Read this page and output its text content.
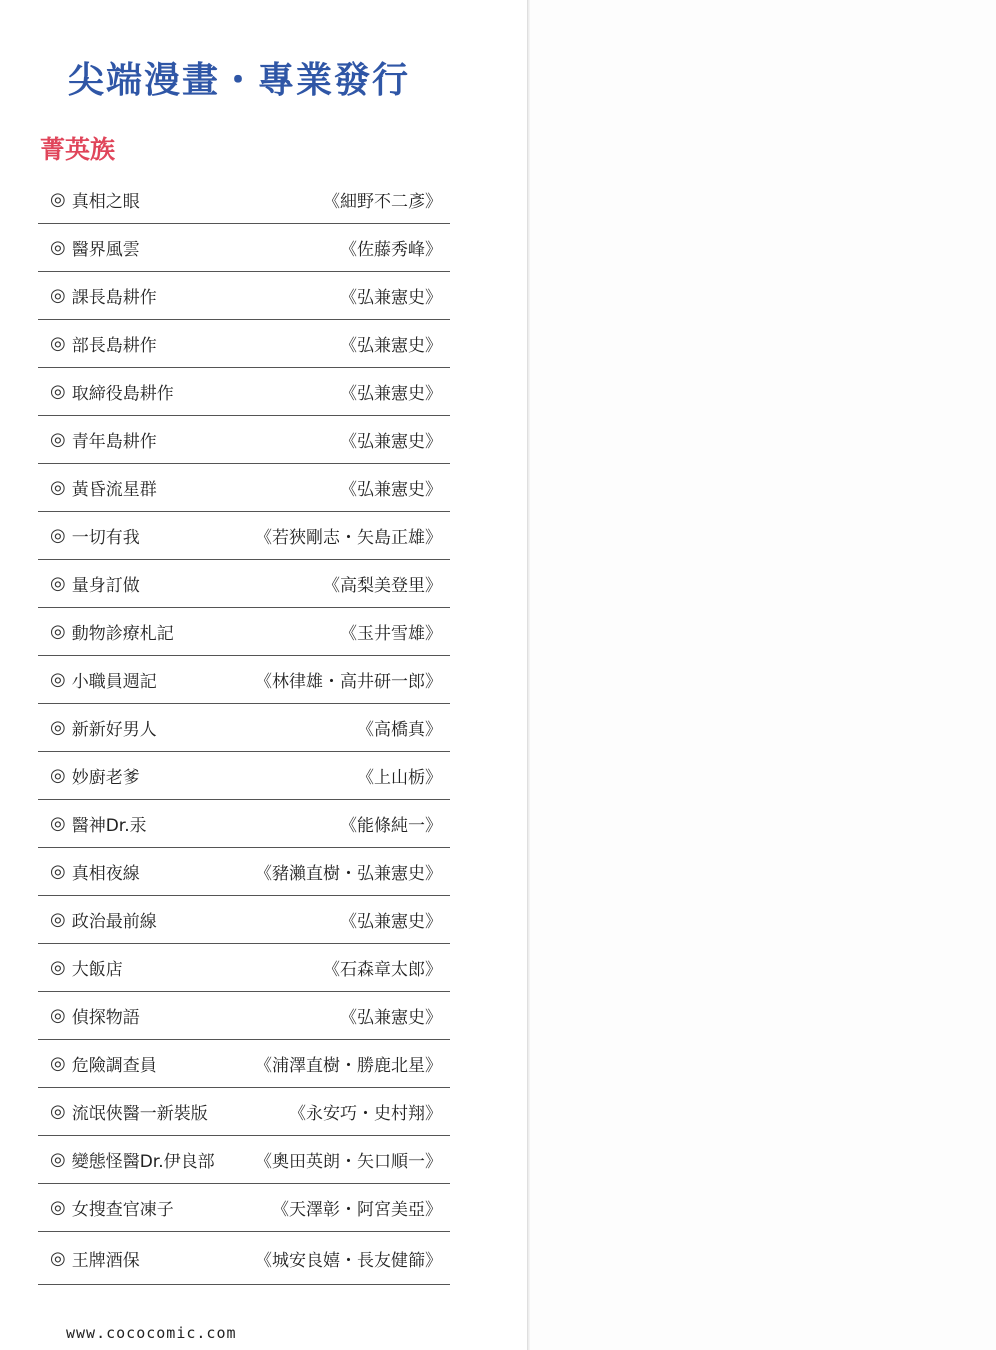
尖端漫畫・專業發行
菁英族
◎ 真相之眼	《細野不二彥》
◎ 醫界風雲	《佐藤秀峰》
◎ 課長島耕作	《弘兼憲史》
◎ 部長島耕作	《弘兼憲史》
◎ 取締役島耕作	《弘兼憲史》
◎ 青年島耕作	《弘兼憲史》
◎ 黃昏流星群	《弘兼憲史》
◎ 一切有我	《若狹剛志・矢島正雄》
◎ 量身訂做	《高梨美登里》
◎ 動物診療札記	《玉井雪雄》
◎ 小職員週記	《林律雄・高井研一郎》
◎ 新新好男人	《高橋真》
◎ 妙廚老爹	《上山栃》
◎ 醫神Dr.汞	《能條純一》
◎ 真相夜線	《豬瀨直樹・弘兼憲史》
◎ 政治最前線	《弘兼憲史》
◎ 大飯店	《石森章太郎》
◎ 偵探物語	《弘兼憲史》
◎ 危險調查員	《浦澤直樹・勝鹿北星》
◎ 流氓俠醫一新裝版	《永安巧・史村翔》
◎ 變態怪醫Dr.伊良部 《奧田英朗・矢口順一》
◎ 女搜查官凍子	《天澤彰・阿宮美亞》
◎ 王牌酒保	《城安良嬉・長友健篩》
www.cococomic.com
